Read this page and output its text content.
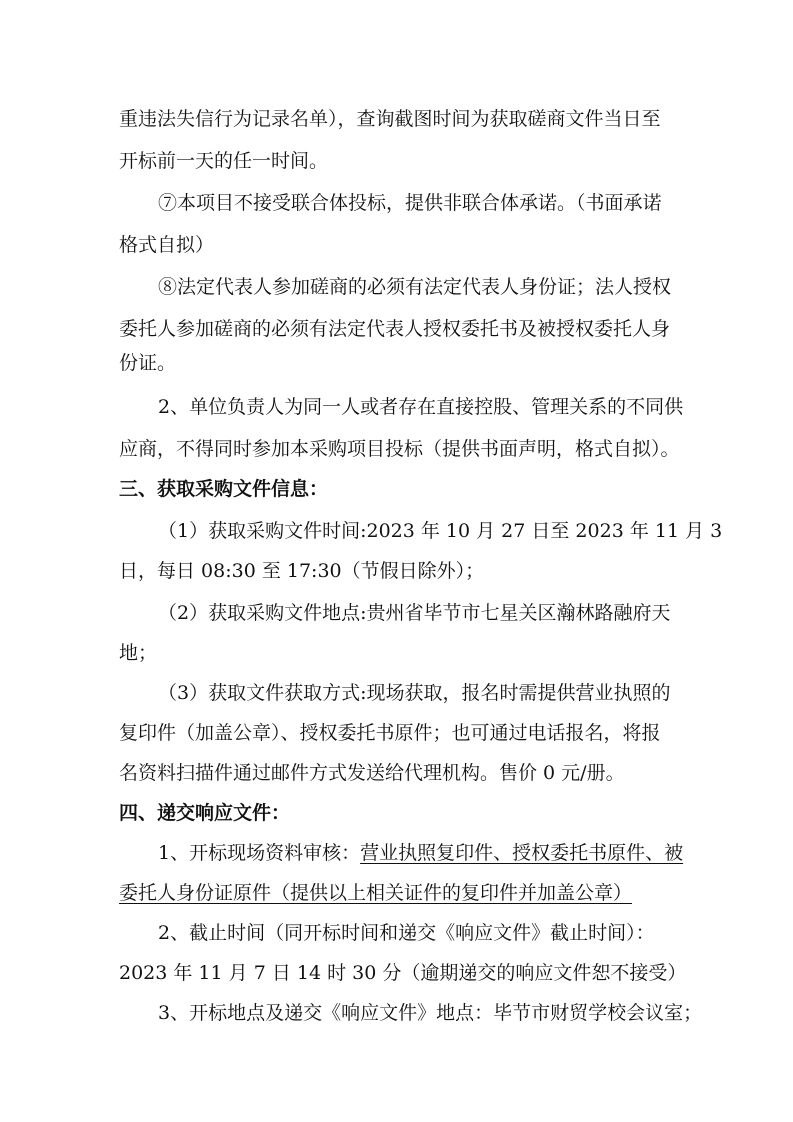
重违法失信行为记录名单），查询截图时间为获取磋商文件当日至
开标前一天的任一时间。
⑦本项目不接受联合体投标，提供非联合体承诺。（书面承诺
格式自拟）
⑧法定代表人参加磋商的必须有法定代表人身份证；法人授权
委托人参加磋商的必须有法定代表人授权委托书及被授权委托人身
份证。
2、单位负责人为同一人或者存在直接控股、管理关系的不同供
应商，不得同时参加本采购项目投标（提供书面声明，格式自拟）。
三、获取采购文件信息：
（1）获取采购文件时间:2023 年 10 月 27 日至 2023 年 11 月 3
日，每日 08:30 至 17:30（节假日除外）；
（2）获取采购文件地点:贵州省毕节市七星关区瀚林路融府天
地；
（3）获取文件获取方式:现场获取，报名时需提供营业执照的
复印件（加盖公章）、授权委托书原件；也可通过电话报名，将报
名资料扫描件通过邮件方式发送给代理机构。售价 0 元/册。
四、递交响应文件：
1、开标现场资料审核：营业执照复印件、授权委托书原件、被
委托人身份证原件（提供以上相关证件的复印件并加盖公章）
2、截止时间（同开标时间和递交《响应文件》截止时间）：
2023 年 11 月 7 日 14 时 30 分（逾期递交的响应文件恕不接受）
3、开标地点及递交《响应文件》地点：毕节市财贸学校会议室；
